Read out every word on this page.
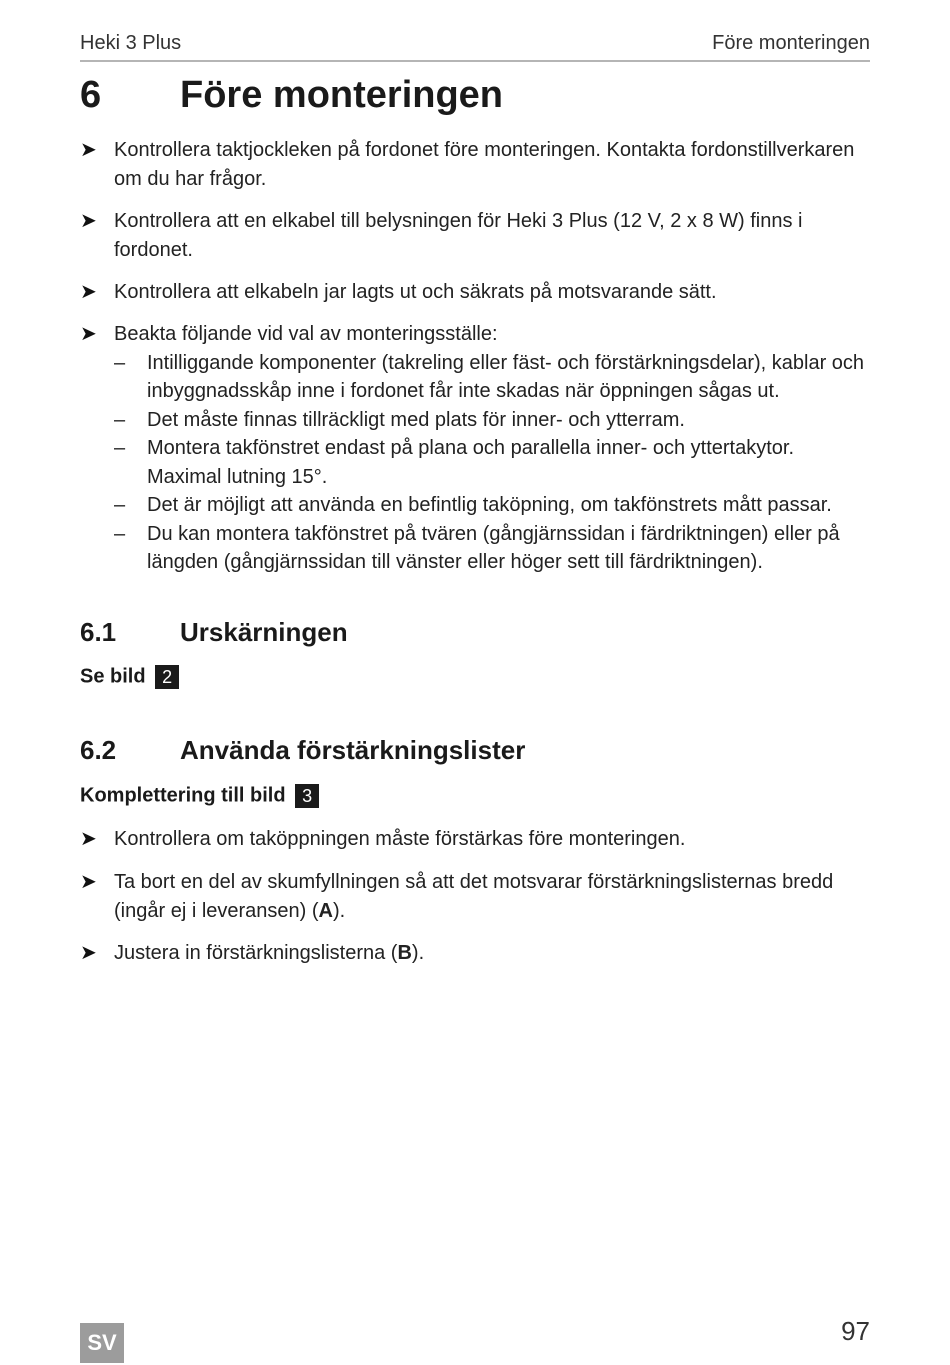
Heki 3 Plus	Före monteringen
6 Före monteringen
➤ Kontrollera taktjockleken på fordonet före monteringen. Kontakta fordonstillverkaren om du har frågor.
➤ Kontrollera att en elkabel till belysningen för Heki 3 Plus (12 V, 2 x 8 W) finns i fordonet.
➤ Kontrollera att elkabeln jar lagts ut och säkrats på motsvarande sätt.
➤ Beakta följande vid val av monteringsställe:
– Intilliggande komponenter (takreling eller fäst- och förstärkningsdelar), kablar och inbyggnadsskåp inne i fordonet får inte skadas när öppningen sågas ut.
– Det måste finnas tillräckligt med plats för inner- och ytterram.
– Montera takfönstret endast på plana och parallella inner- och yttertakytor. Maximal lutning 15°.
– Det är möjligt att använda en befintlig taköpning, om takfönstrets mått passar.
– Du kan montera takfönstret på tvären (gångjärnssidan i färdriktningen) eller på längden (gångjärnssidan till vänster eller höger sett till färdriktningen).
6.1 Urskärningen
Se bild 2
6.2 Använda förstärkningslister
Komplettering till bild 3
➤ Kontrollera om taköppningen måste förstärkas före monteringen.
➤ Ta bort en del av skumfyllningen så att det motsvarar förstärkningslisternas bredd (ingår ej i leveransen) (A).
➤ Justera in förstärkningslisterna (B).
SV	97
